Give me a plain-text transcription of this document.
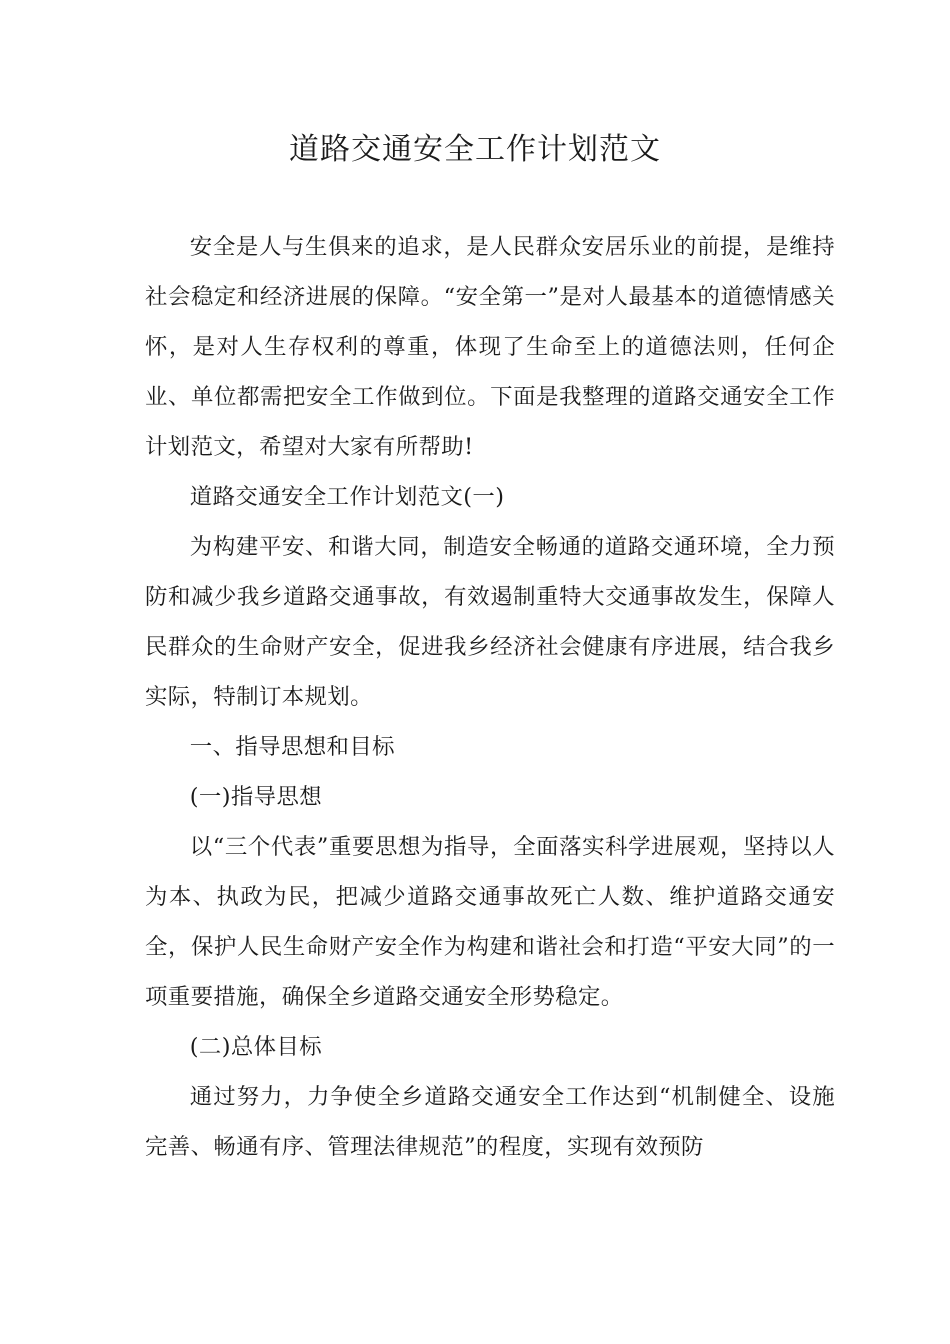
道路交通安全工作计划范文

安全是人与生俱来的追求，是人民群众安居乐业的前提，是维持社会稳定和经济进展的保障。“安全第一”是对人最基本的道德情感关怀，是对人生存权利的尊重，体现了生命至上的道德法则，任何企业、单位都需把安全工作做到位。下面是我整理的道路交通安全工作计划范文，希望对大家有所帮助!

道路交通安全工作计划范文(一)

为构建平安、和谐大同，制造安全畅通的道路交通环境，全力预防和减少我乡道路交通事故，有效遏制重特大交通事故发生，保障人民群众的生命财产安全，促进我乡经济社会健康有序进展，结合我乡实际，特制订本规划。

一、指导思想和目标

(一)指导思想

以“三个代表”重要思想为指导，全面落实科学进展观，坚持以人为本、执政为民，把减少道路交通事故死亡人数、维护道路交通安全，保护人民生命财产安全作为构建和谐社会和打造“平安大同”的一项重要措施，确保全乡道路交通安全形势稳定。

(二)总体目标

通过努力，力争使全乡道路交通安全工作达到“机制健全、设施完善、畅通有序、管理法律规范”的程度，实现有效预防
